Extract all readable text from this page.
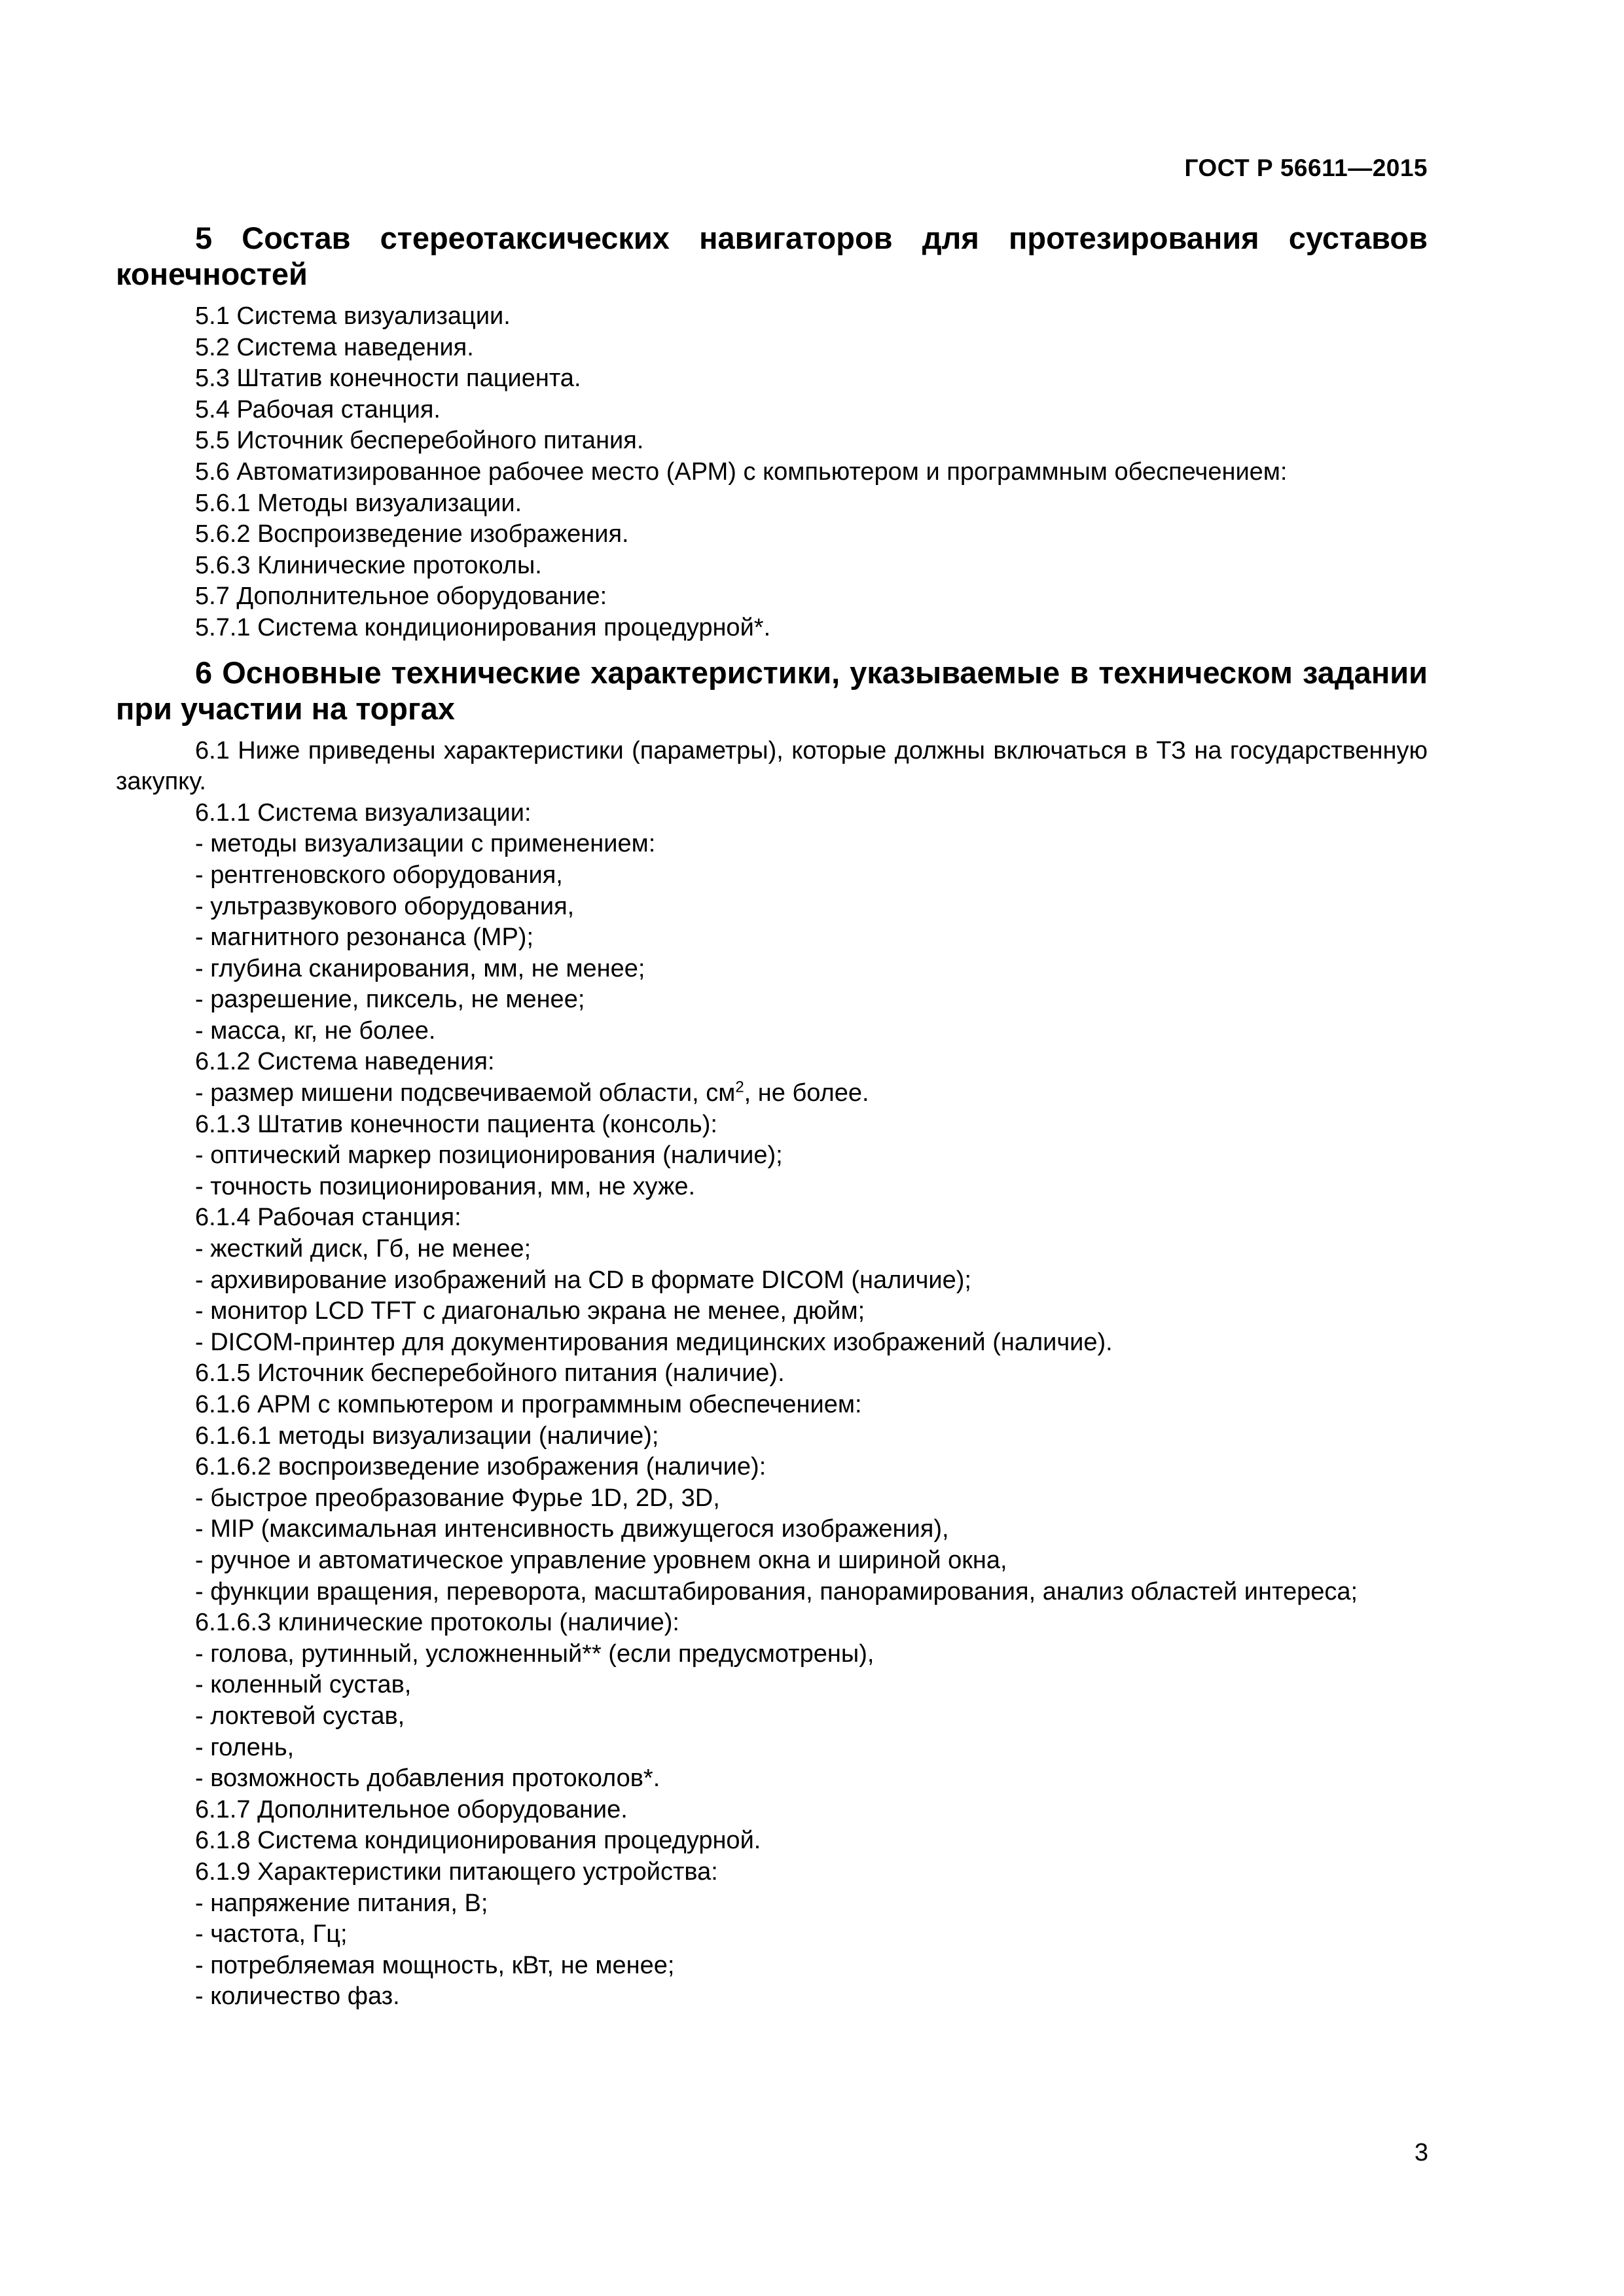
ГОСТ Р 56611—2015
5 Состав стереотаксических навигаторов для протезирования суставов конечностей
5.1 Система визуализации.
5.2 Система наведения.
5.3 Штатив конечности пациента.
5.4 Рабочая станция.
5.5 Источник бесперебойного питания.
5.6 Автоматизированное рабочее место (АРМ) с компьютером и программным обеспечением:
5.6.1 Методы визуализации.
5.6.2 Воспроизведение изображения.
5.6.3 Клинические протоколы.
5.7 Дополнительное оборудование:
5.7.1 Система кондиционирования процедурной*.
6 Основные технические характеристики, указываемые в техническом задании при участии на торгах
6.1 Ниже приведены характеристики (параметры), которые должны включаться в ТЗ на государственную закупку.
6.1.1 Система визуализации:
- методы визуализации с применением:
- рентгеновского оборудования,
- ультразвукового оборудования,
- магнитного резонанса (МР);
- глубина сканирования, мм, не менее;
- разрешение, пиксель, не менее;
- масса, кг, не более.
6.1.2 Система наведения:
- размер мишени подсвечиваемой области, $см^2$, не более.
6.1.3 Штатив конечности пациента (консоль):
- оптический маркер позиционирования (наличие);
- точность позиционирования, мм, не хуже.
6.1.4 Рабочая станция:
- жесткий диск, Гб, не менее;
- архивирование изображений на CD в формате DICOM (наличие);
- монитор LCD TFT с диагональю экрана не менее, дюйм;
- DICOM-принтер для документирования медицинских изображений (наличие).
6.1.5 Источник бесперебойного питания (наличие).
6.1.6 АРМ с компьютером и программным обеспечением:
6.1.6.1 методы визуализации (наличие);
6.1.6.2 воспроизведение изображения (наличие):
- быстрое преобразование Фурье 1D, 2D, 3D,
- MIP (максимальная интенсивность движущегося изображения),
- ручное и автоматическое управление уровнем окна и шириной окна,
- функции вращения, переворота, масштабирования, панорамирования, анализ областей интереса;
6.1.6.3 клинические протоколы (наличие):
- голова, рутинный, усложненный** (если предусмотрены),
- коленный сустав,
- локтевой сустав,
- голень,
- возможность добавления протоколов*.
6.1.7 Дополнительное оборудование.
6.1.8 Система кондиционирования процедурной.
6.1.9 Характеристики питающего устройства:
- напряжение питания, В;
- частота, Гц;
- потребляемая мощность, кВт, не менее;
- количество фаз.
3
